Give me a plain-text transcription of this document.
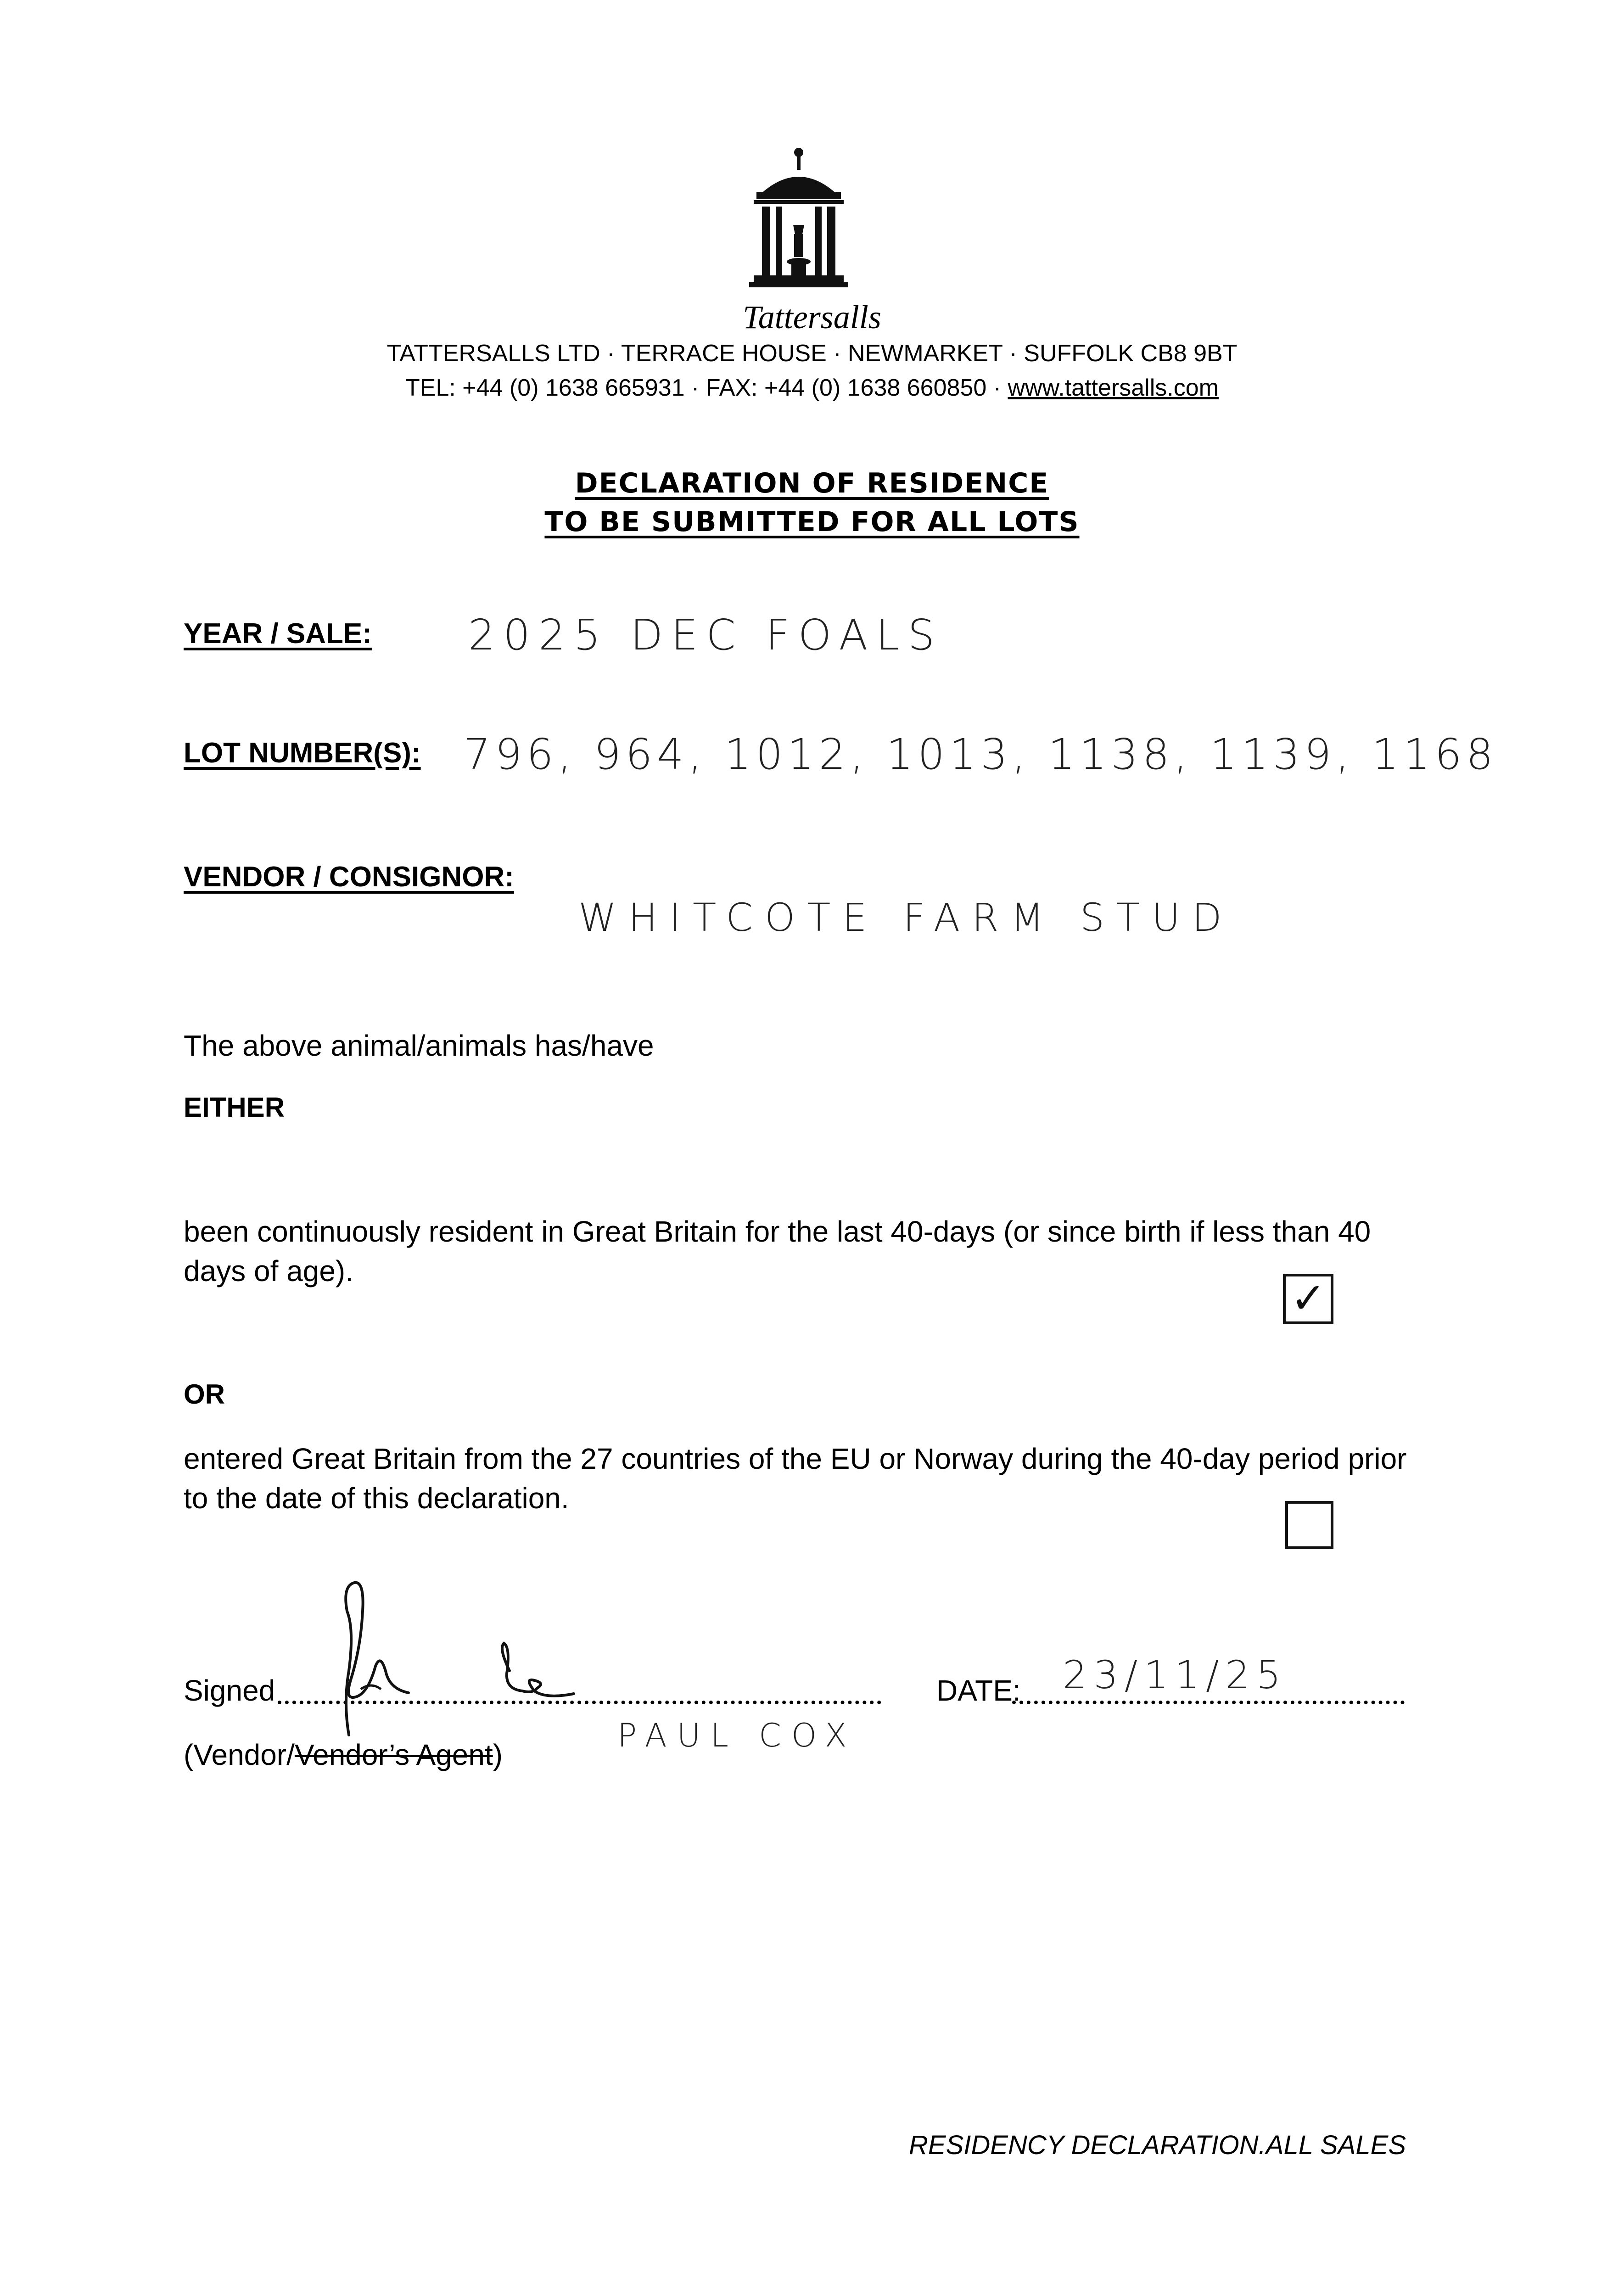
Tattersalls
TATTERSALLS LTD · TERRACE HOUSE · NEWMARKET · SUFFOLK CB8 9BT
TEL: +44 (0) 1638 665931 · FAX: +44 (0) 1638 660850 · www.tattersalls.com
DECLARATION OF RESIDENCE
TO BE SUBMITTED FOR ALL LOTS
YEAR / SALE: 2025 DEC FOALS
LOT NUMBER(S): 796, 964, 1012, 1013, 1138, 1139, 1168
VENDOR / CONSIGNOR:
WHITCOTE FARM STUD
The above animal/animals has/have
EITHER
been continuously resident in Great Britain for the last 40-days (or since birth if less than 40 days of age).
✓
OR
entered Great Britain from the 27 countries of the EU or Norway during the 40-day period prior to the date of this declaration.
Signed
(Vendor/Vendor’s Agent)
PAUL COX
DATE: 23/11/25
RESIDENCY DECLARATION.ALL SALES
